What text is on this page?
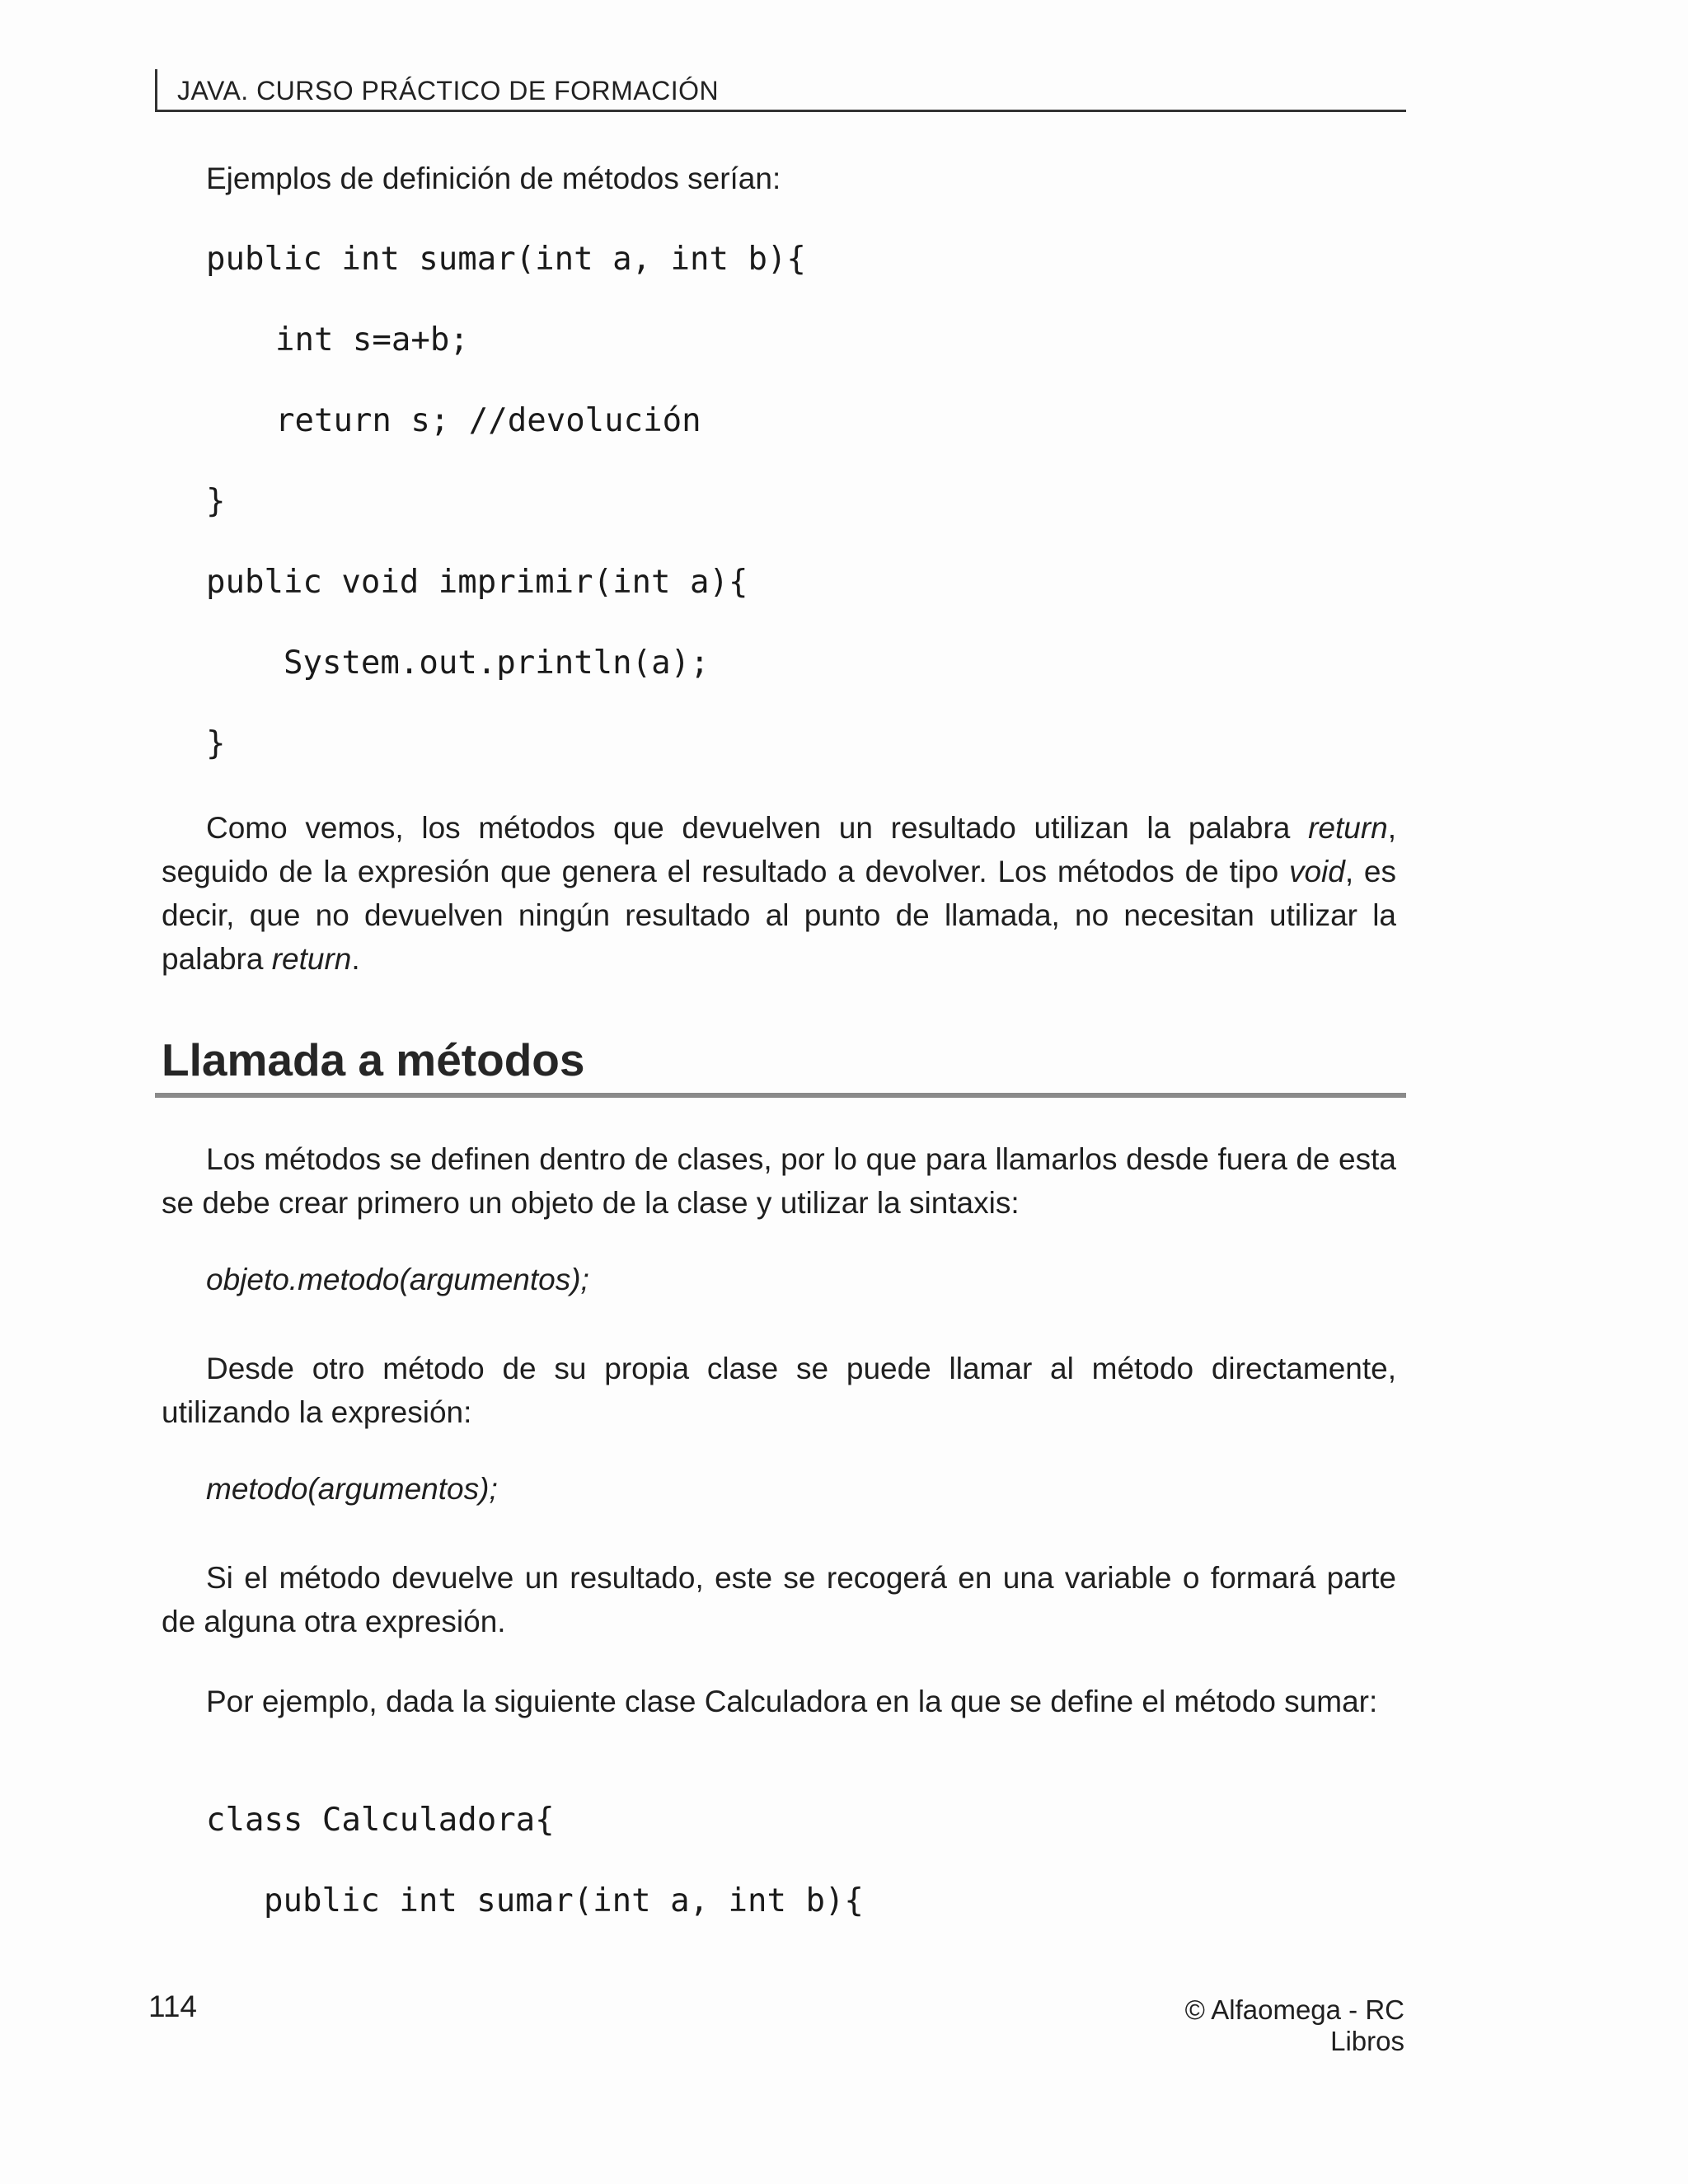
JAVA. CURSO PRÁCTICO DE FORMACIÓN
Ejemplos de definición de métodos serían:
public int sumar(int a, int b){
int s=a+b;
return s; //devolución
}
public void imprimir(int a){
System.out.println(a);
}

Como vemos, los métodos que devuelven un resultado utilizan la palabra return, seguido de la expresión que genera el resultado a devolver. Los métodos de tipo void, es decir, que no devuelven ningún resultado al punto de llamada, no necesitan utilizar la palabra return.

Llamada a métodos

Los métodos se definen dentro de clases, por lo que para llamarlos desde fuera de esta se debe crear primero un objeto de la clase y utilizar la sintaxis:

objeto.metodo(argumentos);

Desde otro método de su propia clase se puede llamar al método directamente, utilizando la expresión:

metodo(argumentos);

Si el método devuelve un resultado, este se recogerá en una variable o formará parte de alguna otra expresión.

Por ejemplo, dada la siguiente clase Calculadora en la que se define el método sumar:

class Calculadora{
public int sumar(int a, int b){
114	© Alfaomega - RC Libros
